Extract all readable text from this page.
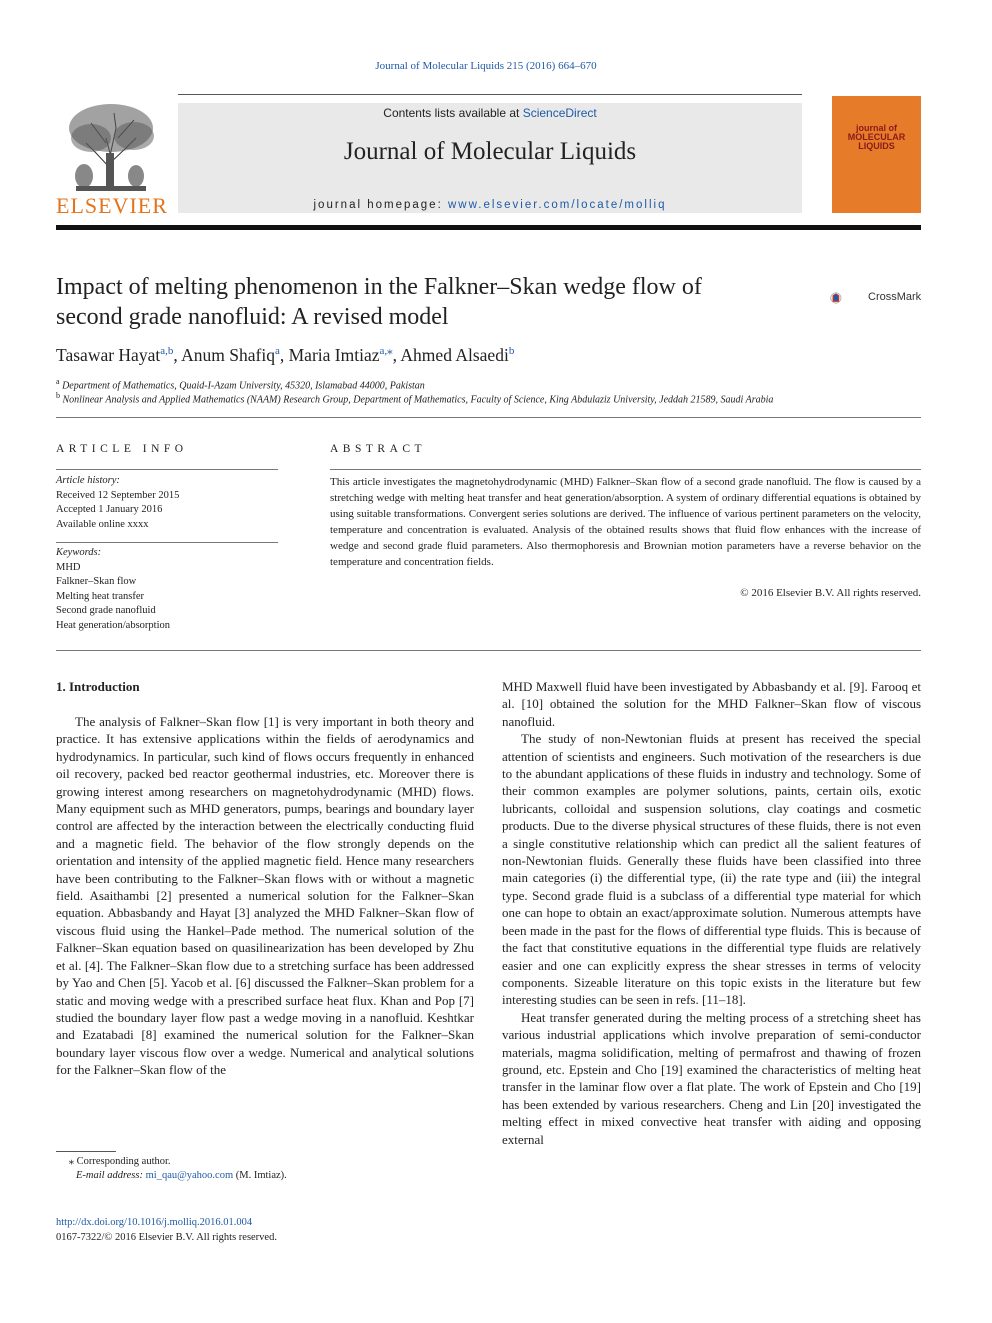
Journal of Molecular Liquids 215 (2016) 664–670
ELSEVIER
Contents lists available at ScienceDirect
Journal of Molecular Liquids
journal homepage: www.elsevier.com/locate/molliq
journal of
MOLECULAR
LIQUIDS
Impact of melting phenomenon in the Falkner–Skan wedge flow of
second grade nanofluid: A revised model
CrossMark
Tasawar Hayat$^{a,b}$, Anum Shafiq$^a$, Maria Imtiaz$^{a,⁎}$, Ahmed Alsaedi$^b$
$^a$ Department of Mathematics, Quaid-I-Azam University, 45320, Islamabad 44000, Pakistan
$^b$ Nonlinear Analysis and Applied Mathematics (NAAM) Research Group, Department of Mathematics, Faculty of Science, King Abdulaziz University, Jeddah 21589, Saudi Arabia
ARTICLE INFO
Article history:
Received 12 September 2015
Accepted 1 January 2016
Available online xxxx
Keywords:
MHD
Falkner–Skan flow
Melting heat transfer
Second grade nanofluid
Heat generation/absorption
ABSTRACT
This article investigates the magnetohydrodynamic (MHD) Falkner–Skan flow of a second grade nanofluid. The flow is caused by a stretching wedge with melting heat transfer and heat generation/absorption. A system of ordinary differential equations is obtained by using suitable transformations. Convergent series solutions are derived. The influence of various pertinent parameters on the velocity, temperature and concentration is evaluated. Analysis of the obtained results shows that fluid flow enhances with the increase of wedge and second grade fluid parameters. Also thermophoresis and Brownian motion parameters have a reverse behavior on the temperature and concentration fields.
© 2016 Elsevier B.V. All rights reserved.
1. Introduction

The analysis of Falkner–Skan flow [1] is very important in both theory and practice. It has extensive applications within the fields of aerodynamics and hydrodynamics. In particular, such kind of flows occurs frequently in enhanced oil recovery, packed bed reactor geothermal industries, etc. Moreover there is growing interest among researchers on magnetohydrodynamic (MHD) flows. Many equipment such as MHD generators, pumps, bearings and boundary layer control are affected by the interaction between the electrically conducting fluid and a magnetic field. The behavior of the flow strongly depends on the orientation and intensity of the applied magnetic field. Hence many researchers have been contributing to the Falkner–Skan flows with or without a magnetic field. Asaithambi [2] presented a numerical solution for the Falkner–Skan equation. Abbasbandy and Hayat [3] analyzed the MHD Falkner–Skan flow of viscous fluid using the Hankel–Pade method. The numerical solution of the Falkner–Skan equation based on quasilinearization has been developed by Zhu et al. [4]. The Falkner–Skan flow due to a stretching surface has been addressed by Yao and Chen [5]. Yacob et al. [6] discussed the Falkner–Skan problem for a static and moving wedge with a prescribed surface heat flux. Khan and Pop [7] studied the boundary layer flow past a wedge moving in a nanofluid. Keshtkar and Ezatabadi [8] examined the numerical solution for the Falkner–Skan boundary layer viscous flow over a wedge. Numerical and analytical solutions for the Falkner–Skan flow of the

MHD Maxwell fluid have been investigated by Abbasbandy et al. [9]. Farooq et al. [10] obtained the solution for the MHD Falkner–Skan flow of viscous nanofluid.

The study of non-Newtonian fluids at present has received the special attention of scientists and engineers. Such motivation of the researchers is due to the abundant applications of these fluids in industry and technology. Some of their common examples are polymer solutions, paints, certain oils, exotic lubricants, colloidal and suspension solutions, clay coatings and cosmetic products. Due to the diverse physical structures of these fluids, there is not even a single constitutive relationship which can predict all the salient features of non-Newtonian fluids. Generally these fluids have been classified into three main categories (i) the differential type, (ii) the rate type and (iii) the integral type. Second grade fluid is a subclass of a differential type material for which one can hope to obtain an exact/approximate solution. Numerous attempts have been made in the past for the flows of differential type fluids. This is because of the fact that constitutive equations in the differential type fluids are relatively easier and one can explicitly express the shear stresses in terms of velocity components. Sizeable literature on this topic exists in the literature but few interesting studies can be seen in refs. [11–18].

Heat transfer generated during the melting process of a stretching sheet has various industrial applications which involve preparation of semi-conductor materials, magma solidification, melting of permafrost and thawing of frozen ground, etc. Epstein and Cho [19] examined the characteristics of melting heat transfer in the laminar flow over a flat plate. The work of Epstein and Cho [19] has been extended by various researchers. Cheng and Lin [20] investigated the melting effect in mixed convective heat transfer with aiding and opposing external

⁎ Corresponding author.
E-mail address: mi_qau@yahoo.com (M. Imtiaz).
http://dx.doi.org/10.1016/j.molliq.2016.01.004
0167-7322/© 2016 Elsevier B.V. All rights reserved.
